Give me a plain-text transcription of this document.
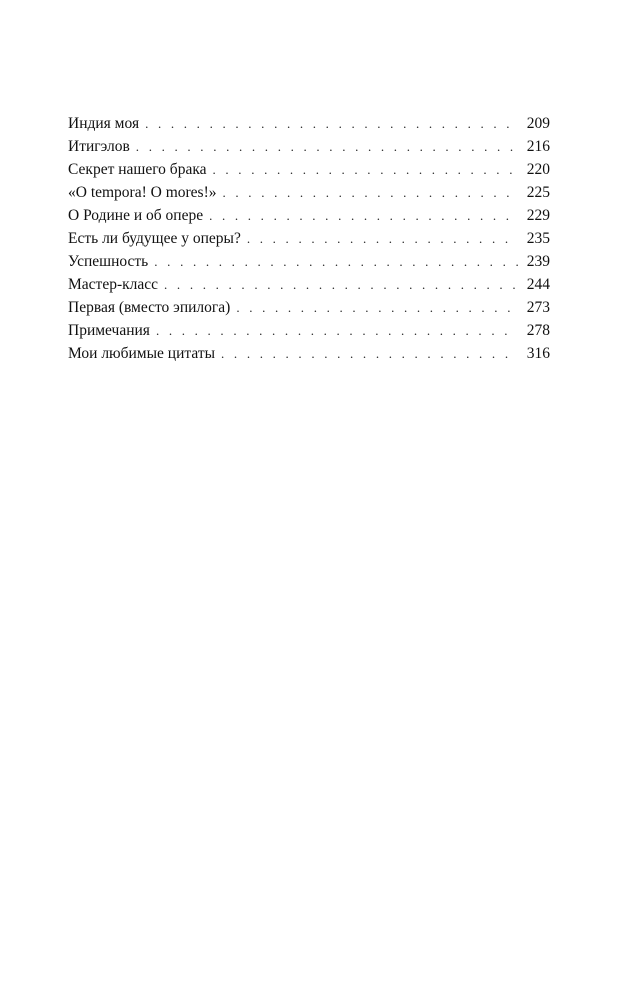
Индия моя . . .	209
Итигэлов . . .	216
Секрет нашего брака . . .	220
«O tempora! O mores!» . . .	225
О Родине и об опере . . .	229
Есть ли будущее у оперы? . . .	235
Успешность . . .	239
Мастер-класс . . .	244
Первая (вместо эпилога) . . .	273
Примечания . . .	278
Мои любимые цитаты . . .	316
